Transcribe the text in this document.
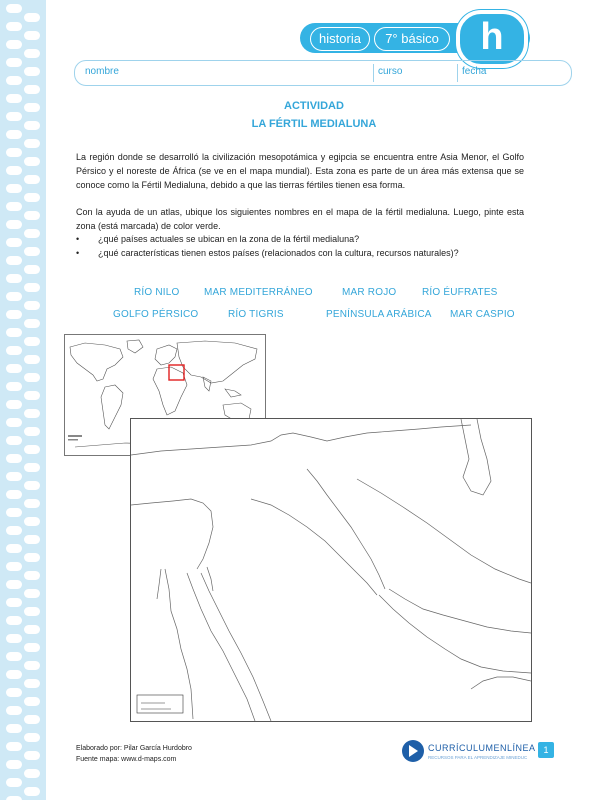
historia	7° básico	h
nombre	curso	fecha
ACTIVIDAD
LA FÉRTIL MEDIALUNA
La región donde se desarrolló la civilización mesopotámica y egipcia se encuentra entre Asia Menor, el Golfo Pérsico y el noreste de África (se ve en el mapa mundial). Esta zona es parte de un área más extensa que se conoce como la Fértil Medialuna, debido a que las tierras fértiles tienen esa forma.
Con la ayuda de un atlas, ubique los siguientes nombres en el mapa de la fértil medialuna. Luego, pinte esta zona (está marcada) de color verde.
• ¿qué países actuales se ubican en la zona de la fértil medialuna?
• ¿qué características tienen estos países (relacionados con la cultura, recursos naturales)?
RÍO NILO MAR MEDITERRÁNEO	MAR ROJO	RÍO ÉUFRATES
GOLFO PÉRSICO	RÍO TIGRIS	PENÍNSULA ARÁBICA MAR CASPIO
Elaborado por: Pilar García Hurdobro
Fuente mapa: www.d-maps.com
CURRÍCULUMENLÍNEA
RECURSOS PARA EL APRENDIZAJE MINEDUC
1
